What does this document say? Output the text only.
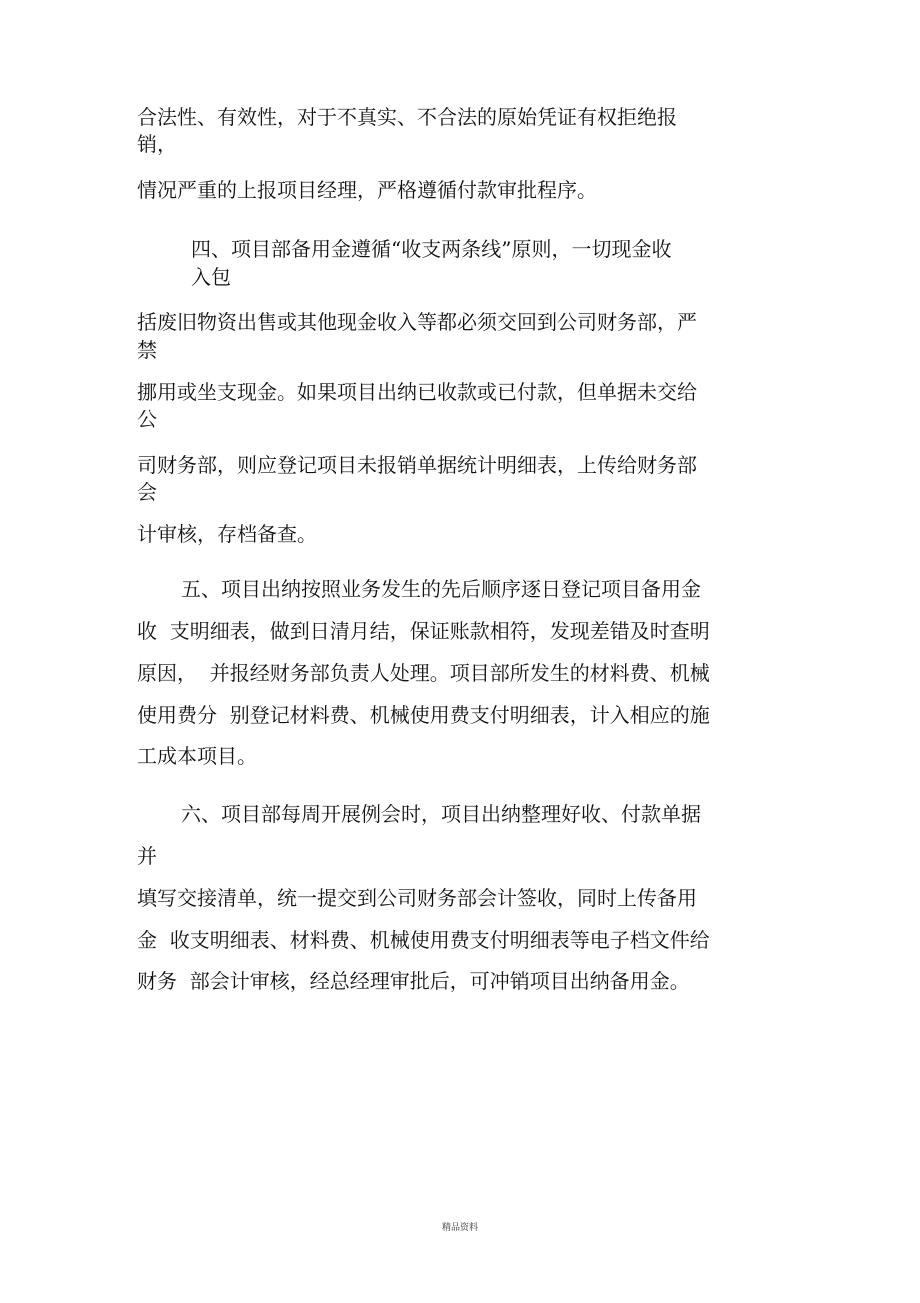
合法性、有效性，对于不真实、不合法的原始凭证有权拒绝报

销，

情况严重的上报项目经理，严格遵循付款审批程序。

四、项目部备用金遵循“收支两条线”原则，一切现金收

入包

括废旧物资出售或其他现金收入等都必须交回到公司财务部，严

禁

挪用或坐支现金。如果项目出纳已收款或已付款，但单据未交给

公

司财务部，则应登记项目未报销单据统计明细表，上传给财务部

会

计审核，存档备查。

五、项目出纳按照业务发生的先后顺序逐日登记项目备用金

收  支明细表，做到日清月结，保证账款相符，发现差错及时查明

原因，  并报经财务部负责人处理。项目部所发生的材料费、机械

使用费分  别登记材料费、机械使用费支付明细表，计入相应的施

工成本项目。

六、项目部每周开展例会时，项目出纳整理好收、付款单据

并

填写交接清单，统一提交到公司财务部会计签收，同时上传备用

金  收支明细表、材料费、机械使用费支付明细表等电子档文件给

财务  部会计审核，经总经理审批后，可冲销项目出纳备用金。

精品资料
